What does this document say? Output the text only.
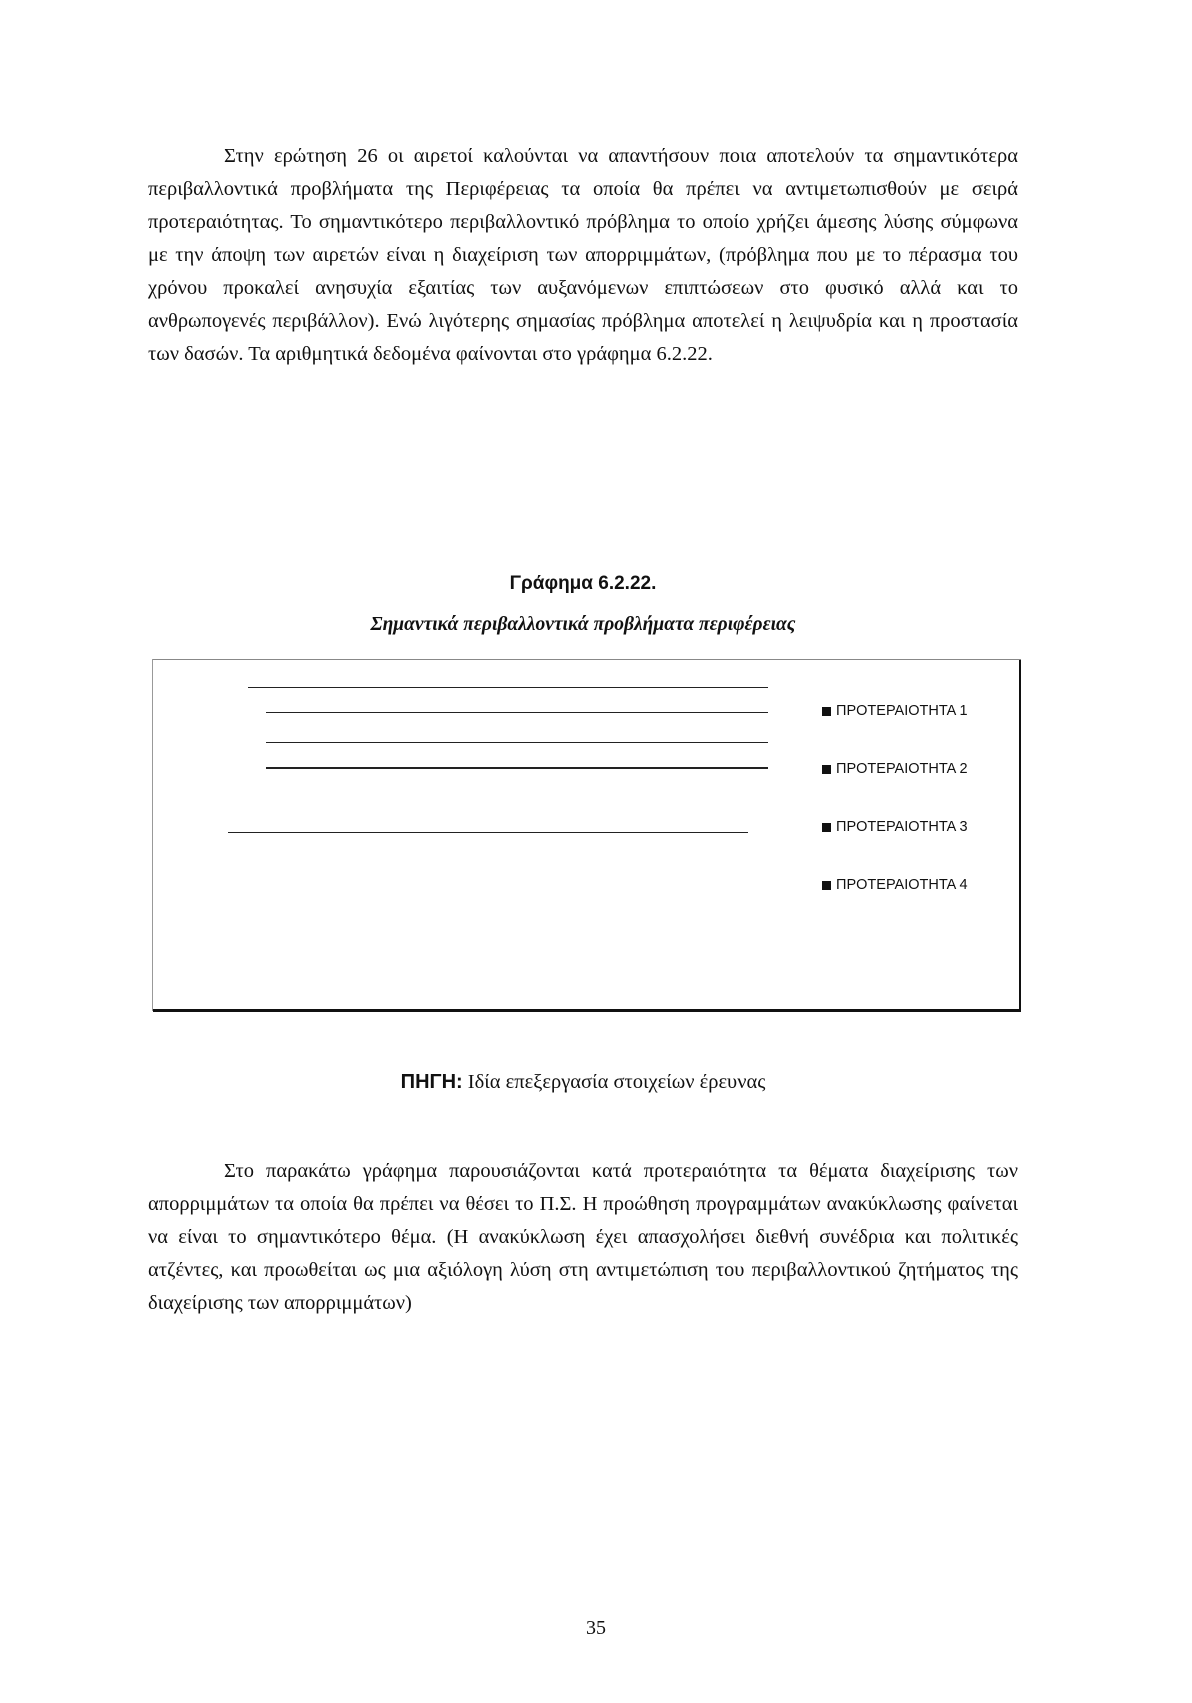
Στην ερώτηση 26 οι αιρετοί καλούνται να απαντήσουν ποια αποτελούν τα σημαντικότερα περιβαλλοντικά προβλήματα της Περιφέρειας τα οποία θα πρέπει να αντιμετωπισθούν με σειρά προτεραιότητας. Το σημαντικότερο περιβαλλοντικό πρόβλημα το οποίο χρήζει άμεσης λύσης σύμφωνα με την άποψη των αιρετών είναι η διαχείριση των απορριμμάτων, (πρόβλημα που με το πέρασμα του χρόνου προκαλεί ανησυχία εξαιτίας των αυξανόμενων επιπτώσεων στο φυσικό αλλά και το ανθρωπογενές περιβάλλον). Ενώ λιγότερης σημασίας πρόβλημα αποτελεί η λειψυδρία και η προστασία των δασών. Τα αριθμητικά δεδομένα φαίνονται στο γράφημα 6.2.22.

Γράφημα 6.2.22.

Σημαντικά περιβαλλοντικά προβλήματα περιφέρειας

ΠΡΟΤΕΡΑΙΟΤΗΤΑ 1
ΠΡΟΤΕΡΑΙΟΤΗΤΑ 2
ΠΡΟΤΕΡΑΙΟΤΗΤΑ 3
ΠΡΟΤΕΡΑΙΟΤΗΤΑ 4

ΠΗΓΗ: Ιδία επεξεργασία στοιχείων έρευνας

Στο παρακάτω γράφημα παρουσιάζονται κατά προτεραιότητα τα θέματα διαχείρισης των απορριμμάτων τα οποία θα πρέπει να θέσει το Π.Σ. Η προώθηση προγραμμάτων ανακύκλωσης φαίνεται να είναι το σημαντικότερο θέμα. (Η ανακύκλωση έχει απασχολήσει διεθνή συνέδρια και πολιτικές ατζέντες, και προωθείται ως μια αξιόλογη λύση στη αντιμετώπιση του περιβαλλοντικού ζητήματος της διαχείρισης των απορριμμάτων)

35
